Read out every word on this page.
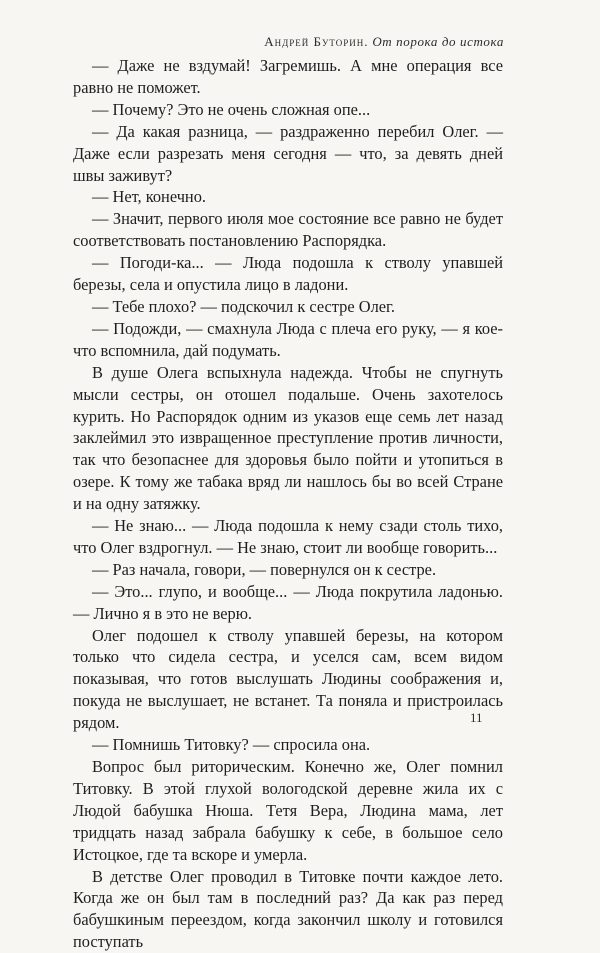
Андрей Буторин. От порока до истока

— Даже не вздумай! Загремишь. А мне операция все равно не поможет.

— Почему? Это не очень сложная опе...

— Да какая разница, — раздраженно перебил Олег. — Даже если разрезать меня сегодня — что, за девять дней швы заживут?

— Нет, конечно.

— Значит, первого июля мое состояние все равно не будет соответствовать постановлению Распорядка.

— Погоди-ка... — Люда подошла к стволу упавшей березы, села и опустила лицо в ладони.

— Тебе плохо? — подскочил к сестре Олег.

— Подожди, — смахнула Люда с плеча его руку, — я кое-что вспомнила, дай подумать.

В душе Олега вспыхнула надежда. Чтобы не спугнуть мысли сестры, он отошел подальше. Очень захотелось курить. Но Распорядок одним из указов еще семь лет назад заклеймил это извращенное преступление против личности, так что безопаснее для здоровья было пойти и утопиться в озере. К тому же табака вряд ли нашлось бы во всей Стране и на одну затяжку.

— Не знаю... — Люда подошла к нему сзади столь тихо, что Олег вздрогнул. — Не знаю, стоит ли вообще говорить...

— Раз начала, говори, — повернулся он к сестре.

— Это... глупо, и вообще... — Люда покрутила ладонью. — Лично я в это не верю.

Олег подошел к стволу упавшей березы, на котором только что сидела сестра, и уселся сам, всем видом показывая, что готов выслушать Людины соображения и, покуда не выслушает, не встанет. Та поняла и пристроилась рядом.

— Помнишь Титовку? — спросила она.

Вопрос был риторическим. Конечно же, Олег помнил Титовку. В этой глухой вологодской деревне жила их с Людой бабушка Нюша. Тетя Вера, Людина мама, лет тридцать назад забрала бабушку к себе, в большое село Истоцкое, где та вскоре и умерла.

В детстве Олег проводил в Титовке почти каждое лето. Когда же он был там в последний раз? Да как раз перед бабушкиным переездом, когда закончил школу и готовился поступать

11
